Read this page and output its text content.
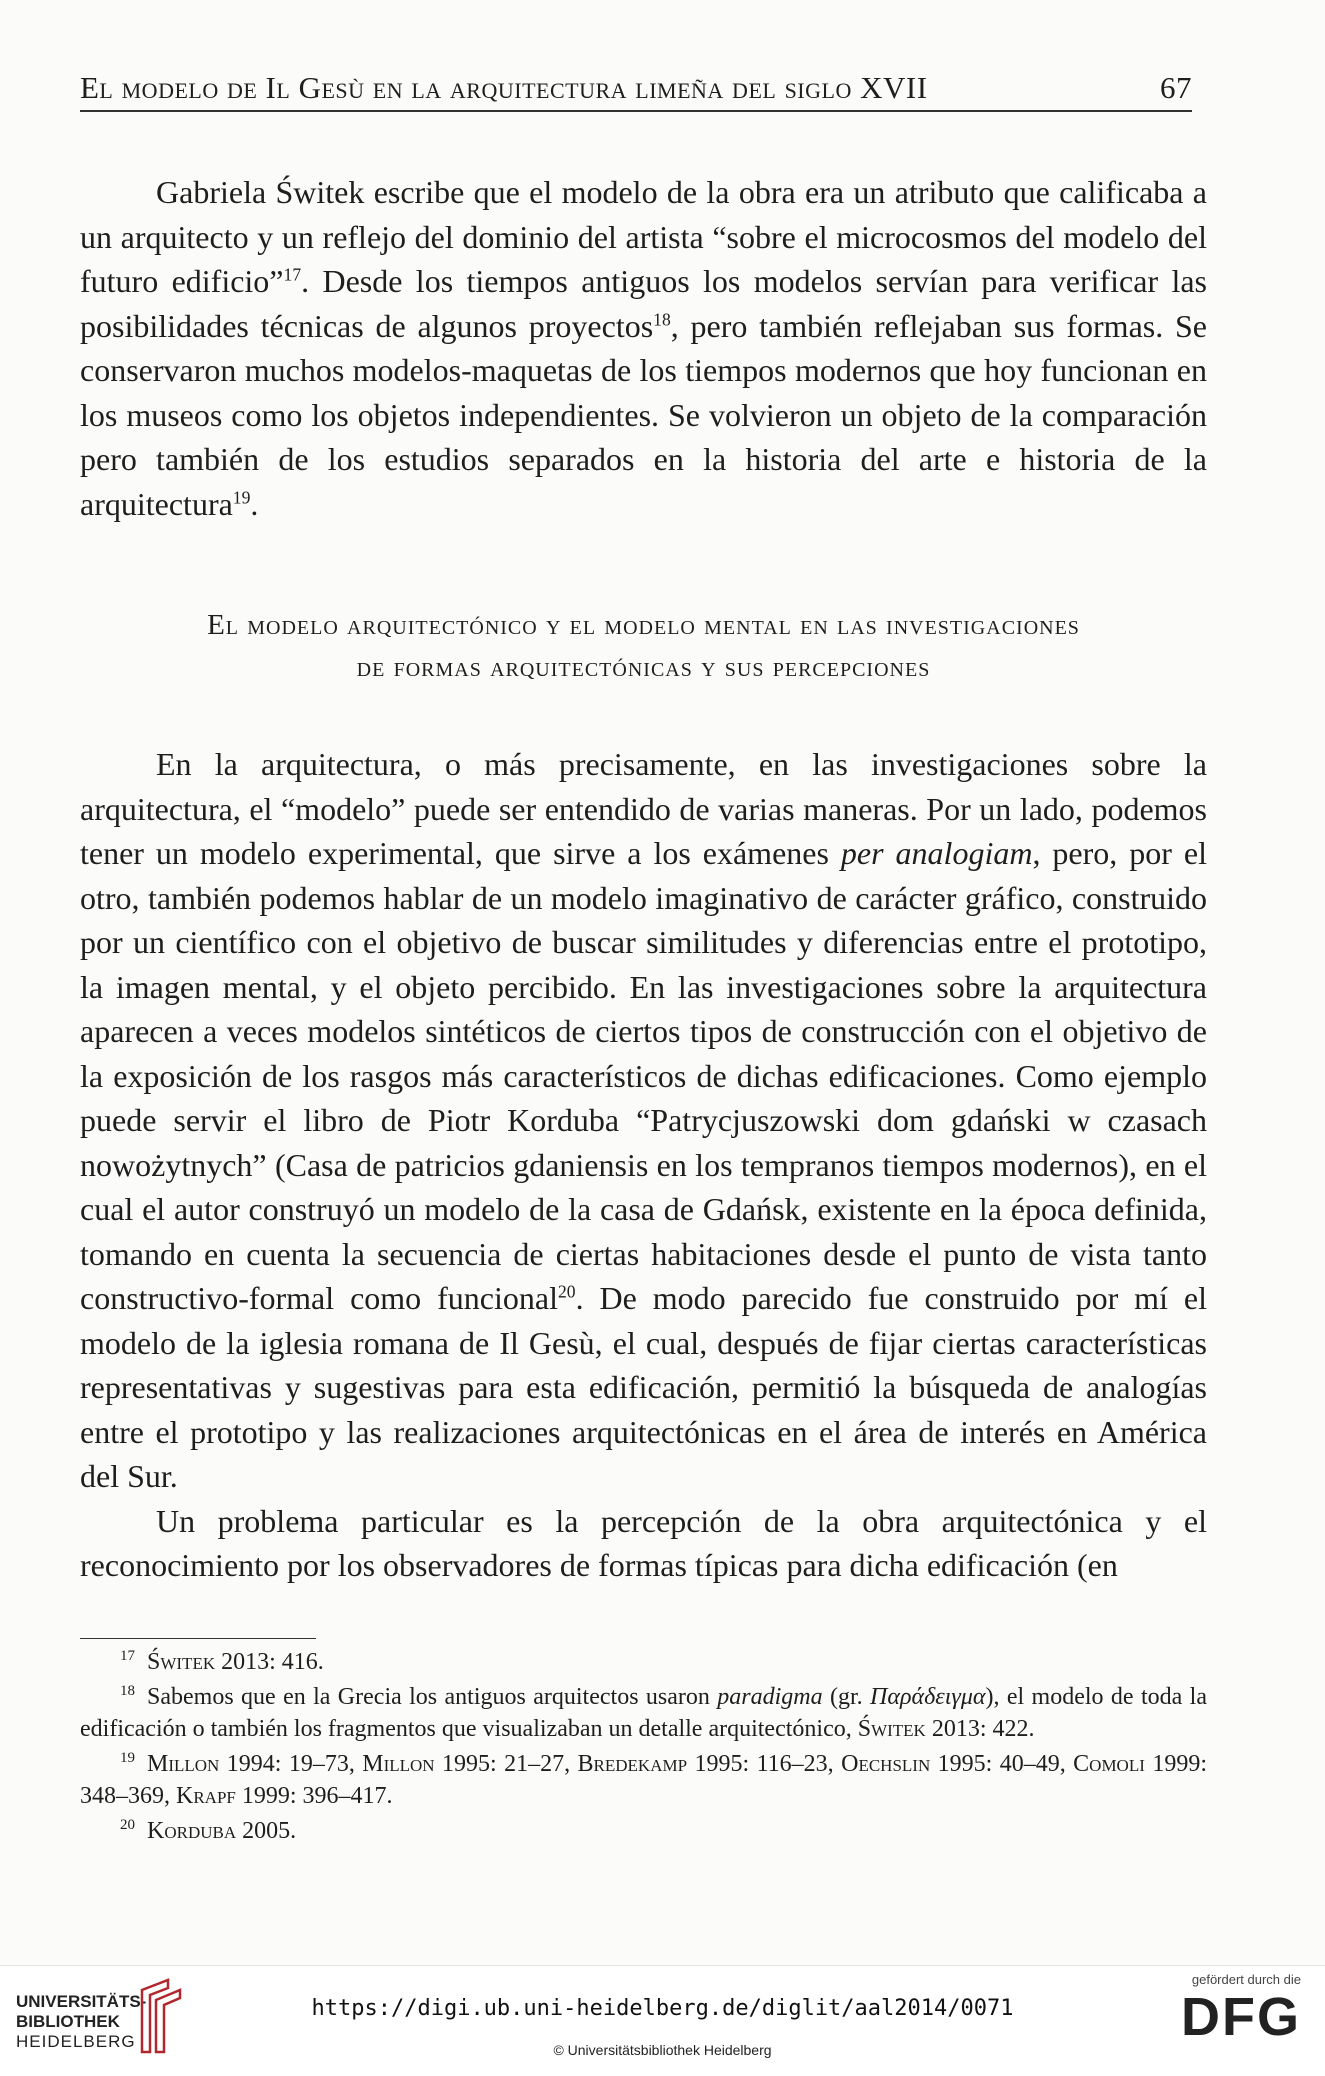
El modelo de Il Gesù en la arquitectura limeña del siglo XVII	67

Gabriela Świtek escribe que el modelo de la obra era un atributo que calificaba a un arquitecto y un reflejo del dominio del artista “sobre el microcosmos del modelo del futuro edificio”$^{17}$. Desde los tiempos antiguos los modelos servían para verificar las posibilidades técnicas de algunos proyectos$^{18}$, pero también reflejaban sus formas. Se conservaron muchos modelos-maquetas de los tiempos modernos que hoy funcionan en los museos como los objetos independientes. Se volvieron un objeto de la comparación pero también de los estudios separados en la historia del arte e historia de la arquitectura$^{19}$.

El modelo arquitectónico y el modelo mental en las investigaciones
de formas arquitectónicas y sus percepciones

En la arquitectura, o más precisamente, en las investigaciones sobre la arquitectura, el “modelo” puede ser entendido de varias maneras. Por un lado, podemos tener un modelo experimental, que sirve a los exámenes per analogiam, pero, por el otro, también podemos hablar de un modelo imaginativo de carácter gráfico, construido por un científico con el objetivo de buscar similitudes y diferencias entre el prototipo, la imagen mental, y el objeto percibido. En las investigaciones sobre la arquitectura aparecen a veces modelos sintéticos de ciertos tipos de construcción con el objetivo de la exposición de los rasgos más característicos de dichas edificaciones. Como ejemplo puede servir el libro de Piotr Korduba “Patrycjuszowski dom gdański w czasach nowożytnych” (Casa de patricios gdaniensis en los tempranos tiempos modernos), en el cual el autor construyó un modelo de la casa de Gdańsk, existente en la época definida, tomando en cuenta la secuencia de ciertas habitaciones desde el punto de vista tanto constructivo-formal como funcional$^{20}$. De modo parecido fue construido por mí el modelo de la iglesia romana de Il Gesù, el cual, después de fijar ciertas características representativas y sugestivas para esta edificación, permitió la búsqueda de analogías entre el prototipo y las realizaciones arquitectónicas en el área de interés en América del Sur.

Un problema particular es la percepción de la obra arquitectónica y el reconocimiento por los observadores de formas típicas para dicha edificación (en

$^{17}$ Świtek 2013: 416.

$^{18}$ Sabemos que en la Grecia los antiguos arquitectos usaron paradigma (gr. Παράδειγμα), el modelo de toda la edificación o también los fragmentos que visualizaban un detalle arquitectónico, Świtek 2013: 422.

$^{19}$ Millon 1994: 19–73, Millon 1995: 21–27, Bredekamp 1995: 116–23, Oechslin 1995: 40–49, Comoli 1999: 348–369, Krapf 1999: 396–417.

$^{20}$ Korduba 2005.

UNIVERSITÄTS-
BIBLIOTHEK
HEIDELBERG
https://digi.ub.uni-heidelberg.de/diglit/aal2014/0071
© Universitätsbibliothek Heidelberg
gefördert durch die
DFG
